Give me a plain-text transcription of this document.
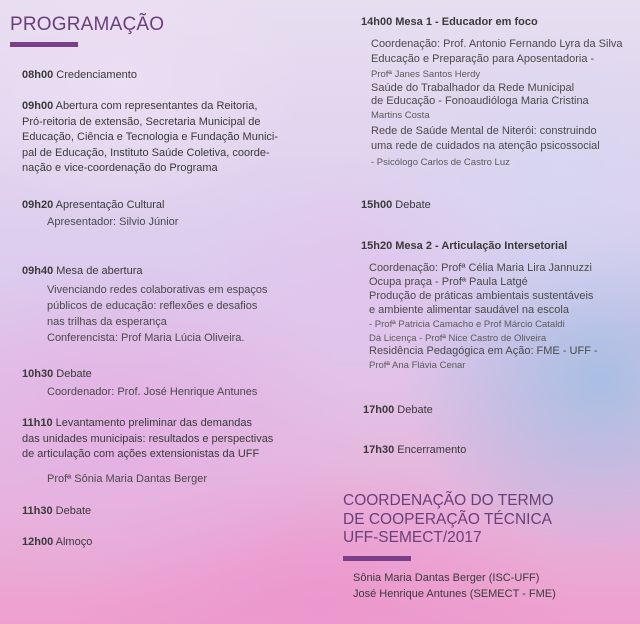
PROGRAMAÇÃO

08h00 Credenciamento

09h00 Abertura com representantes da Reitoria,
Pró-reitoria de extensão, Secretaria Municipal de
Educação, Ciência e Tecnologia e Fundação Munici-
pal de Educação, Instituto Saúde Coletiva, coorde-
nação e vice-coordenação do Programa

09h20 Apresentação Cultural

Apresentador: Silvio Júnior

09h40 Mesa de abertura

Vivenciando redes colaborativas em espaços
públicos de educação: reflexões e desafios
nas trilhas da esperança
Conferencista: Prof Maria Lúcia Oliveira.

10h30 Debate

Coordenador: Prof. José Henrique Antunes

11h10 Levantamento preliminar das demandas
das unidades municipais: resultados e perspectivas
de articulação com ações extensionistas da UFF

Profª Sônia Maria Dantas Berger

11h30 Debate

12h00 Almoço

14h00 Mesa 1 - Educador em foco

Coordenação: Prof. Antonio Fernando Lyra da Silva

Educação e Preparação para Aposentadoria -

Profª Janes Santos Herdy

Saúde do Trabalhador da Rede Municipal

de Educação - Fonoaudióloga Maria Cristina

Martins Costa

Rede de Saúde Mental de Niterói: construindo

uma rede de cuidados na atenção psicossocial

- Psicólogo Carlos de Castro Luz

15h00 Debate

15h20 Mesa 2 - Articulação Intersetorial

Coordenação: Profª Célia Maria Lira Jannuzzi

Ocupa praça - Profª Paula Latgé

Produção de práticas ambientais sustentáveis

e ambiente alimentar saudável na escola

- Profª Patricia Camacho e Prof Márcio Cataldi

Dá Licença - Profª Nice Castro de Oliveira

Residência Pedagógica em Ação: FME - UFF -

Profª Ana Flávia Cenar

17h00 Debate

17h30 Encerramento

COORDENAÇÃO DO TERMO
DE COOPERAÇÃO TÉCNICA
UFF-SEMECT/2017

Sônia Maria Dantas Berger (ISC-UFF)

José Henrique Antunes (SEMECT - FME)
